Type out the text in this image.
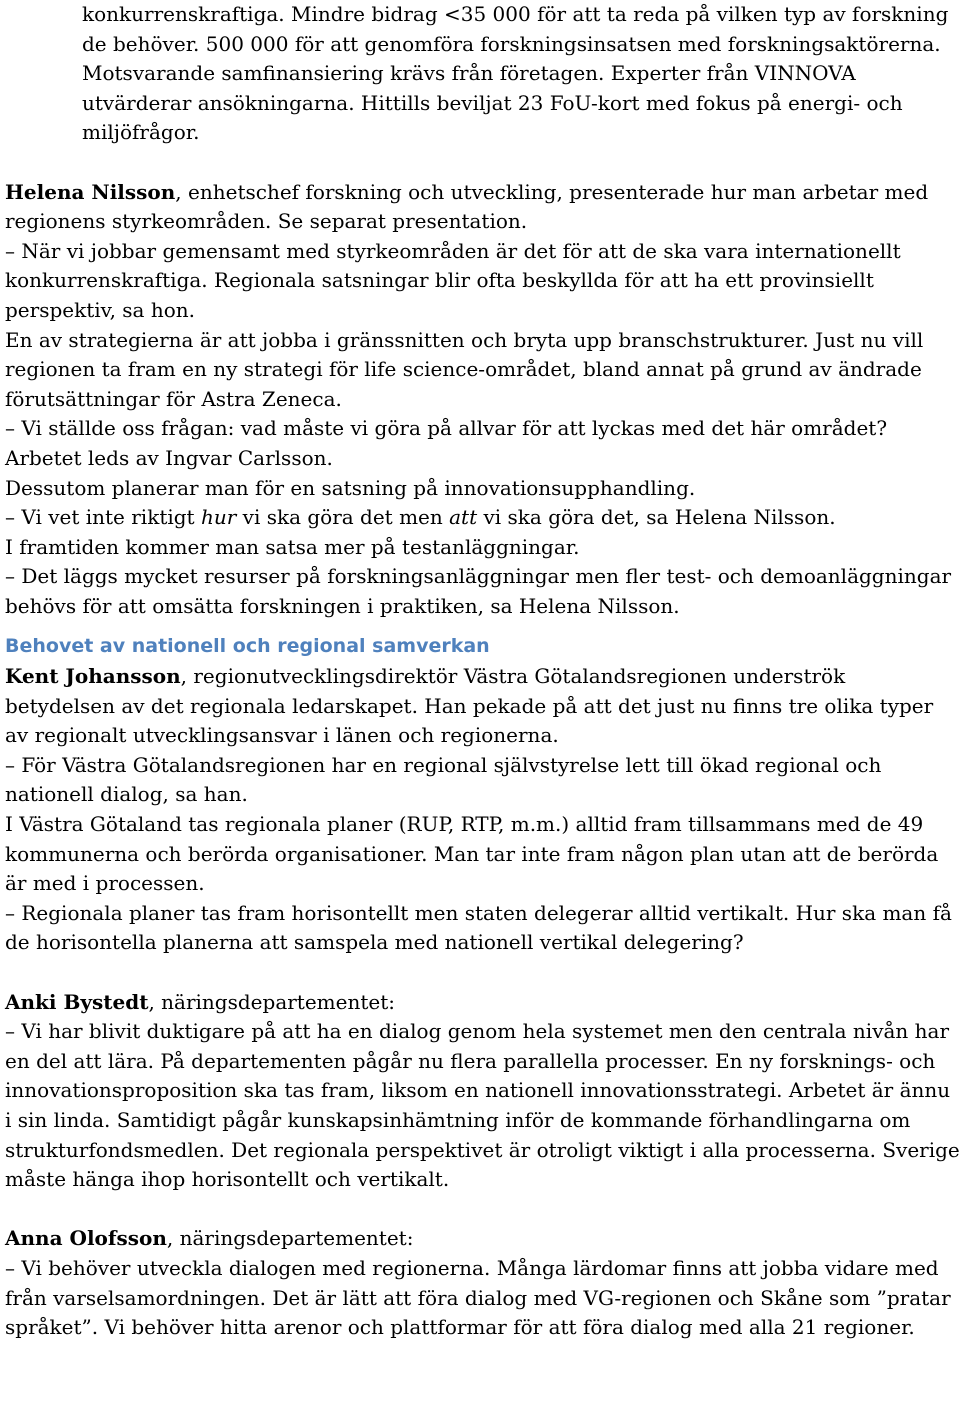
konkurrenskraftiga. Mindre bidrag <35 000 för att ta reda på vilken typ av forskning de behöver. 500 000 för att genomföra forskningsinsatsen med forskningsaktörerna. Motsvarande samfinansiering krävs från företagen. Experter från VINNOVA utvärderar ansökningarna. Hittills beviljat 23 FoU-kort med fokus på energi- och miljöfrågor.

Helena Nilsson, enhetschef forskning och utveckling, presenterade hur man arbetar med regionens styrkeområden. Se separat presentation.

– När vi jobbar gemensamt med styrkeområden är det för att de ska vara internationellt konkurrenskraftiga. Regionala satsningar blir ofta beskyllda för att ha ett provinsiellt perspektiv, sa hon.

En av strategierna är att jobba i gränssnitten och bryta upp branschstrukturer. Just nu vill regionen ta fram en ny strategi för life science-området, bland annat på grund av ändrade förutsättningar för Astra Zeneca.

– Vi ställde oss frågan: vad måste vi göra på allvar för att lyckas med det här området? Arbetet leds av Ingvar Carlsson.

Dessutom planerar man för en satsning på innovationsupphandling.

– Vi vet inte riktigt hur vi ska göra det men att vi ska göra det, sa Helena Nilsson.

I framtiden kommer man satsa mer på testanläggningar.

– Det läggs mycket resurser på forskningsanläggningar men fler test- och demoanläggningar behövs för att omsätta forskningen i praktiken, sa Helena Nilsson.

Behovet av nationell och regional samverkan

Kent Johansson, regionutvecklingsdirektör Västra Götalandsregionen underströk betydelsen av det regionala ledarskapet. Han pekade på att det just nu finns tre olika typer av regionalt utvecklingsansvar i länen och regionerna.

– För Västra Götalandsregionen har en regional självstyrelse lett till ökad regional och nationell dialog, sa han.

I Västra Götaland tas regionala planer (RUP, RTP, m.m.) alltid fram tillsammans med de 49 kommunerna och berörda organisationer. Man tar inte fram någon plan utan att de berörda är med i processen.

– Regionala planer tas fram horisontellt men staten delegerar alltid vertikalt. Hur ska man få de horisontella planerna att samspela med nationell vertikal delegering?

Anki Bystedt, näringsdepartementet:

– Vi har blivit duktigare på att ha en dialog genom hela systemet men den centrala nivån har en del att lära. På departementen pågår nu flera parallella processer. En ny forsknings- och innovationsproposition ska tas fram, liksom en nationell innovationsstrategi. Arbetet är ännu i sin linda. Samtidigt pågår kunskapsinhämtning inför de kommande förhandlingarna om strukturfondsmedlen. Det regionala perspektivet är otroligt viktigt i alla processerna. Sverige måste hänga ihop horisontellt och vertikalt.

Anna Olofsson, näringsdepartementet:

– Vi behöver utveckla dialogen med regionerna. Många lärdomar finns att jobba vidare med från varselsamordningen. Det är lätt att föra dialog med VG-regionen och Skåne som ”pratar språket”. Vi behöver hitta arenor och plattformar för att föra dialog med alla 21 regioner.
